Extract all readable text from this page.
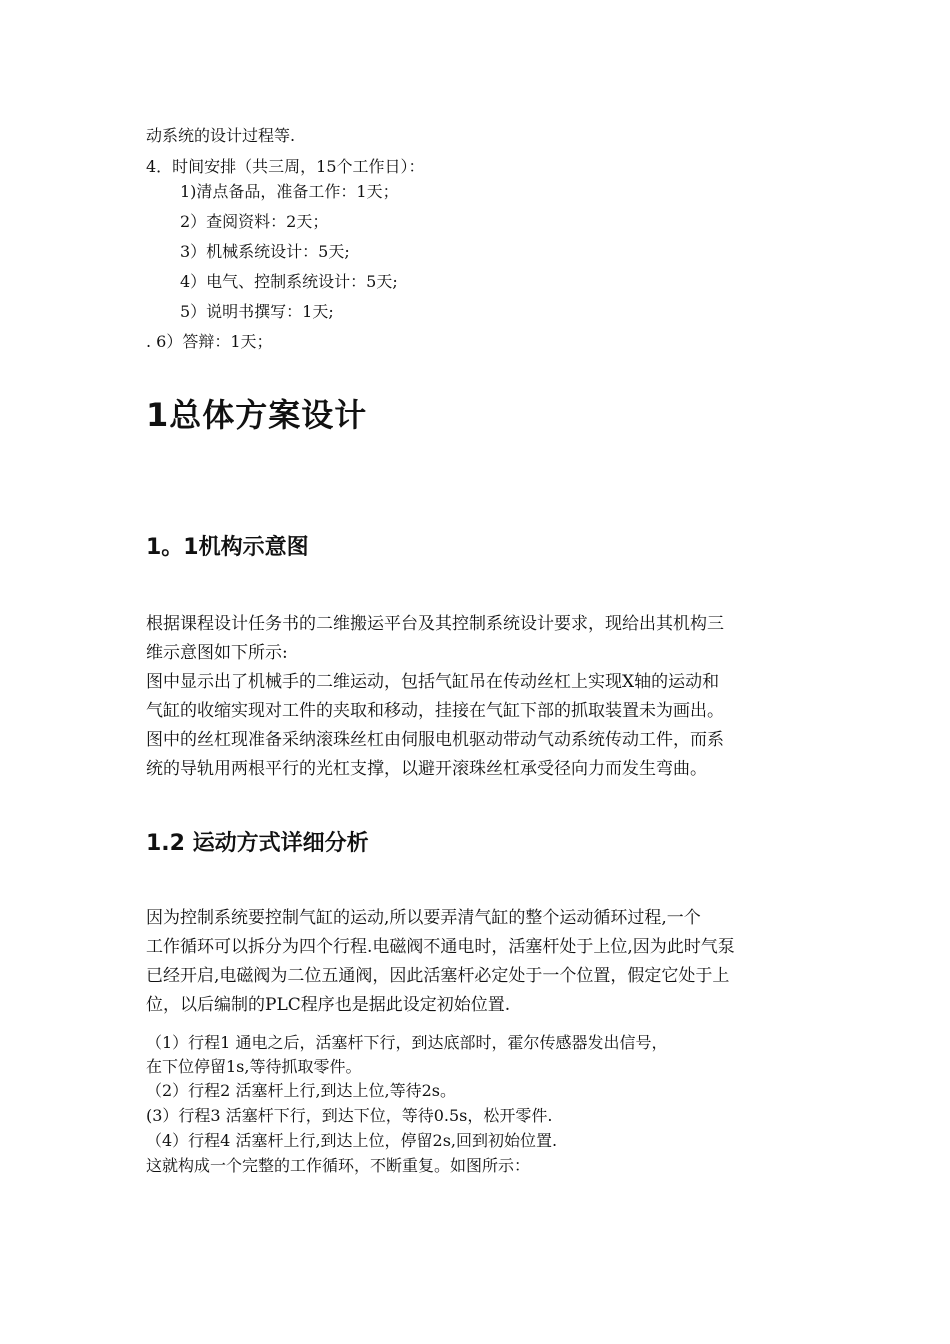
动系统的设计过程等.
4．时间安排（共三周，15个工作日）：
1)清点备品，准备工作：1天；
2）查阅资料：2天；
3）机械系统设计：5天;
4）电气、控制系统设计：5天;
5）说明书撰写：1天;
. 6）答辩：1天；
1总体方案设计
1。1机构示意图
根据课程设计任务书的二维搬运平台及其控制系统设计要求，现给出其机构三
维示意图如下所示:
图中显示出了机械手的二维运动，包括气缸吊在传动丝杠上实现X轴的运动和
气缸的收缩实现对工件的夹取和移动，挂接在气缸下部的抓取装置未为画出。
图中的丝杠现准备采纳滚珠丝杠由伺服电机驱动带动气动系统传动工件，而系
统的导轨用两根平行的光杠支撑，以避开滚珠丝杠承受径向力而发生弯曲。
1.2 运动方式详细分析
因为控制系统要控制气缸的运动,所以要弄清气缸的整个运动循环过程,一个
工作循环可以拆分为四个行程.电磁阀不通电时，活塞杆处于上位,因为此时气泵
已经开启,电磁阀为二位五通阀，因此活塞杆必定处于一个位置，假定它处于上
位，以后编制的PLC程序也是据此设定初始位置.
（1）行程1 通电之后，活塞杆下行，到达底部时，霍尔传感器发出信号，
在下位停留1s,等待抓取零件。
（2）行程2 活塞杆上行,到达上位,等待2s。
(3）行程3 活塞杆下行，到达下位，等待0.5s，松开零件.
（4）行程4 活塞杆上行,到达上位，停留2s,回到初始位置.
这就构成一个完整的工作循环，不断重复。如图所示：
